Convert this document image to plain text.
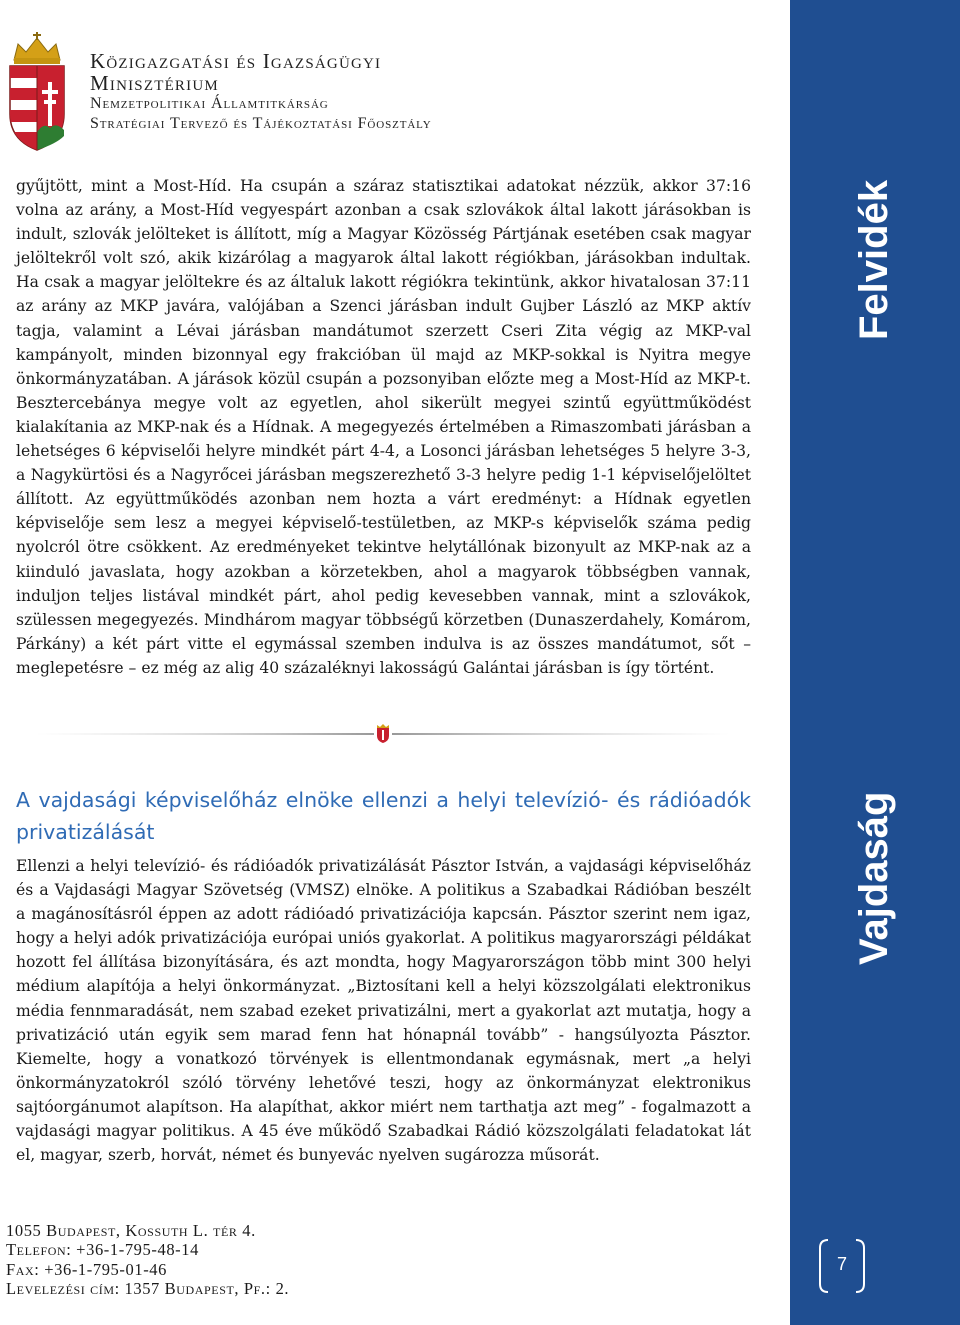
Közigazgatási és Igazságügyi
Minisztérium
Nemzetpolitikai Államtitkárság
Stratégiai Tervező és Tájékoztatási Főosztály
Felvidék
Vajdaság
7
gyűjtött, mint a Most-Híd. Ha csupán a száraz statisztikai adatokat nézzük, akkor 37:16 volna az arány, a Most-Híd vegyespárt azonban a csak szlovákok által lakott járásokban is indult, szlovák jelölteket is állított, míg a Magyar Közösség Pártjának esetében csak magyar jelöltekről volt szó, akik kizárólag a magyarok által lakott régiókban, járásokban indultak. Ha csak a magyar jelöltekre és az általuk lakott régiókra tekintünk, akkor hivatalosan 37:11 az arány az MKP javára, valójában a Szenci járásban indult Gujber László az MKP aktív tagja, valamint a Lévai járásban mandátumot szerzett Cseri Zita végig az MKP-val kampányolt, minden bizonnyal egy frakcióban ül majd az MKP-sokkal is Nyitra megye önkormányzatában. A járások közül csupán a pozsonyiban előzte meg a Most-Híd az MKP-t. Besztercebánya megye volt az egyetlen, ahol sikerült megyei szintű együttműködést kialakítania az MKP-nak és a Hídnak. A megegyezés értelmében a Rimaszombati járásban a lehetséges 6 képviselői helyre mindkét párt 4-4, a Losonci járásban lehetséges 5 helyre 3-3, a Nagykürtösi és a Nagyrőcei járásban megszerezhető 3-3 helyre pedig 1-1 képviselőjelöltet állított. Az együttműködés azonban nem hozta a várt eredményt: a Hídnak egyetlen képviselője sem lesz a megyei képviselő-testületben, az MKP-s képviselők száma pedig nyolcról ötre csökkent. Az eredményeket tekintve helytállónak bizonyult az MKP-nak az a kiinduló javaslata, hogy azokban a körzetekben, ahol a magyarok többségben vannak, induljon teljes listával mindkét párt, ahol pedig kevesebben vannak, mint a szlovákok, szülessen megegyezés. Mindhárom magyar többségű körzetben (Dunaszerdahely, Komárom, Párkány) a két párt vitte el egymással szemben indulva is az összes mandátumot, sőt – meglepetésre – ez még az alig 40 százaléknyi lakosságú Galántai járásban is így történt.
A vajdasági képviselőház elnöke ellenzi a helyi televízió- és rádióadók privatizálását
Ellenzi a helyi televízió- és rádióadók privatizálását Pásztor István, a vajdasági képviselőház és a Vajdasági Magyar Szövetség (VMSZ) elnöke. A politikus a Szabadkai Rádióban beszélt a magánosításról éppen az adott rádióadó privatizációja kapcsán. Pásztor szerint nem igaz, hogy a helyi adók privatizációja európai uniós gyakorlat. A politikus magyarországi példákat hozott fel állítása bizonyítására, és azt mondta, hogy Magyarországon több mint 300 helyi médium alapítója a helyi önkormányzat. „Biztosítani kell a helyi közszolgálati elektronikus média fennmaradását, nem szabad ezeket privatizálni, mert a gyakorlat azt mutatja, hogy a privatizáció után egyik sem marad fenn hat hónapnál tovább” - hangsúlyozta Pásztor. Kiemelte, hogy a vonatkozó törvények is ellentmondanak egymásnak, mert „a helyi önkormányzatokról szóló törvény lehetővé teszi, hogy az önkormányzat elektronikus sajtóorgánumot alapítson. Ha alapíthat, akkor miért nem tarthatja azt meg” - fogalmazott a vajdasági magyar politikus. A 45 éve működő Szabadkai Rádió közszolgálati feladatokat lát el, magyar, szerb, horvát, német és bunyevác nyelven sugározza műsorát.
1055 Budapest, Kossuth L. tér 4.
Telefon: +36-1-795-48-14
Fax: +36-1-795-01-46
Levelezési cím: 1357 Budapest, Pf.: 2.
